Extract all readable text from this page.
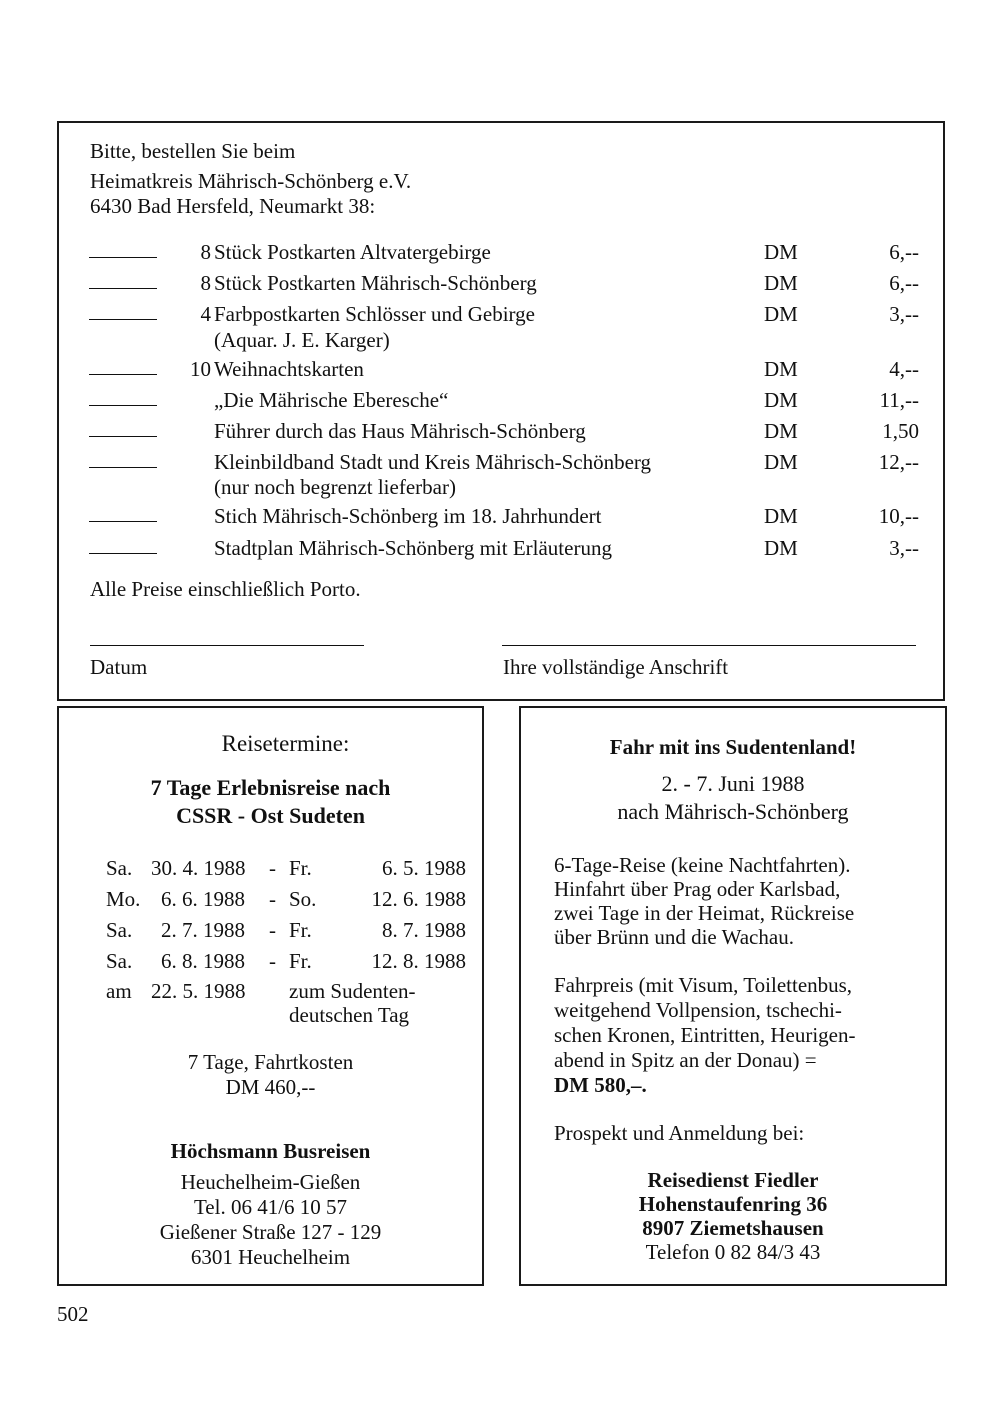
Bitte, bestellen Sie beim
Heimatkreis Mährisch-Schönberg e.V.
6430 Bad Hersfeld, Neumarkt 38:
8 Stück Postkarten Altvatergebirge	DM	6,--
8 Stück Postkarten Mährisch-Schönberg	DM	6,--
4 Farbpostkarten Schlösser und Gebirge	DM	3,--
(Aquar. J. E. Karger)
10 Weihnachtskarten	DM	4,--
„Die Mährische Eberesche“	DM	11,--
Führer durch das Haus Mährisch-Schönberg	DM	1,50
Kleinbildband Stadt und Kreis Mährisch-Schönberg	DM	12,--
(nur noch begrenzt lieferbar)
Stich Mährisch-Schönberg im 18. Jahrhundert	DM	10,--
Stadtplan Mährisch-Schönberg mit Erläuterung	DM	3,--
Alle Preise einschließlich Porto.
Datum	Ihre vollständige Anschrift
Reisetermine:
7 Tage Erlebnisreise nach
CSSR - Ost Sudeten
Sa. 30. 4. 1988 - Fr.	6. 5. 1988
Mo. 6. 6. 1988 - So.	12. 6. 1988
Sa. 2. 7. 1988 - Fr.	8. 7. 1988
Sa. 6. 8. 1988 - Fr.	12. 8. 1988
am 22. 5. 1988 zum Sudenten-
deutschen Tag
7 Tage, Fahrtkosten
DM 460,--
Höchsmann Busreisen
Heuchelheim-Gießen
Tel. 06 41/6 10 57
Gießener Straße 127 - 129
6301 Heuchelheim
Fahr mit ins Sudentenland!
2. - 7. Juni 1988
nach Mährisch-Schönberg
6-Tage-Reise (keine Nachtfahrten).
Hinfahrt über Prag oder Karlsbad,
zwei Tage in der Heimat, Rückreise
über Brünn und die Wachau.
Fahrpreis (mit Visum, Toilettenbus,
weitgehend Vollpension, tschechi-
schen Kronen, Eintritten, Heurigen-
abend in Spitz an der Donau) =
DM 580,–.
Prospekt und Anmeldung bei:
Reisedienst Fiedler
Hohenstaufenring 36
8907 Ziemetshausen
Telefon 0 82 84/3 43
502
